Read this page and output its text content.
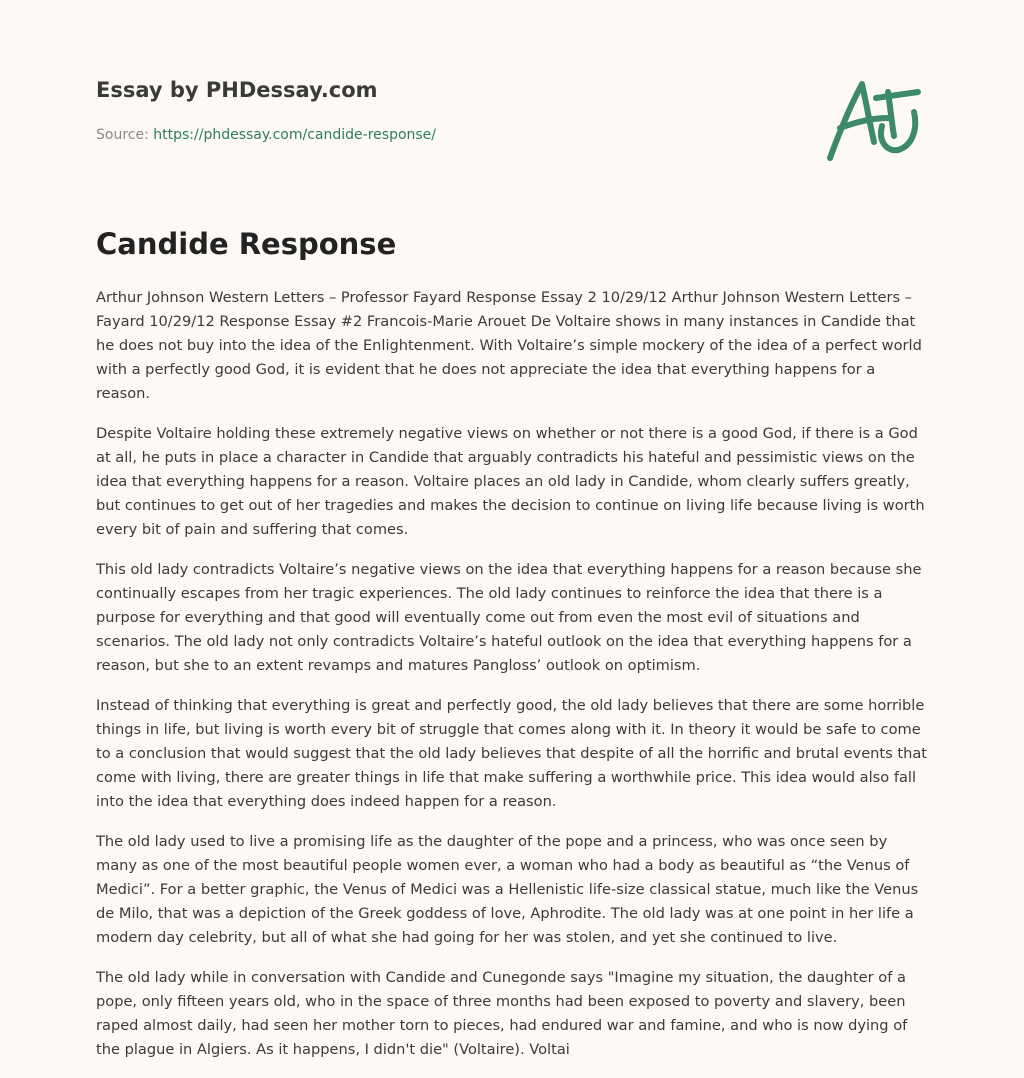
Essay by PHDessay.com
Source: https://phdessay.com/candide-response/
Candide Response

Arthur Johnson Western Letters – Professor Fayard Response Essay 2 10/29/12 Arthur Johnson Western Letters – Fayard 10/29/12 Response Essay #2 Francois-Marie Arouet De Voltaire shows in many instances in Candide that he does not buy into the idea of the Enlightenment. With Voltaire’s simple mockery of the idea of a perfect world with a perfectly good God, it is evident that he does not appreciate the idea that everything happens for a reason.

Despite Voltaire holding these extremely negative views on whether or not there is a good God, if there is a God at all, he puts in place a character in Candide that arguably contradicts his hateful and pessimistic views on the idea that everything happens for a reason. Voltaire places an old lady in Candide, whom clearly suffers greatly, but continues to get out of her tragedies and makes the decision to continue on living life because living is worth every bit of pain and suffering that comes.

This old lady contradicts Voltaire’s negative views on the idea that everything happens for a reason because she continually escapes from her tragic experiences. The old lady continues to reinforce the idea that there is a purpose for everything and that good will eventually come out from even the most evil of situations and scenarios. The old lady not only contradicts Voltaire’s hateful outlook on the idea that everything happens for a reason, but she to an extent revamps and matures Pangloss’ outlook on optimism.

Instead of thinking that everything is great and perfectly good, the old lady believes that there are some horrible things in life, but living is worth every bit of struggle that comes along with it. In theory it would be safe to come to a conclusion that would suggest that the old lady believes that despite of all the horrific and brutal events that come with living, there are greater things in life that make suffering a worthwhile price. This idea would also fall into the idea that everything does indeed happen for a reason.

The old lady used to live a promising life as the daughter of the pope and a princess, who was once seen by many as one of the most beautiful people women ever, a woman who had a body as beautiful as “the Venus of Medici”. For a better graphic, the Venus of Medici was a Hellenistic life-size classical statue, much like the Venus de Milo, that was a depiction of the Greek goddess of love, Aphrodite. The old lady was at one point in her life a modern day celebrity, but all of what she had going for her was stolen, and yet she continued to live.

The old lady while in conversation with Candide and Cunegonde says "Imagine my situation, the daughter of a pope, only fifteen years old, who in the space of three months had been exposed to poverty and slavery, been raped almost daily, had seen her mother torn to pieces, had endured war and famine, and who is now dying of the plague in Algiers. As it happens, I didn't die" (Voltaire). Voltai
